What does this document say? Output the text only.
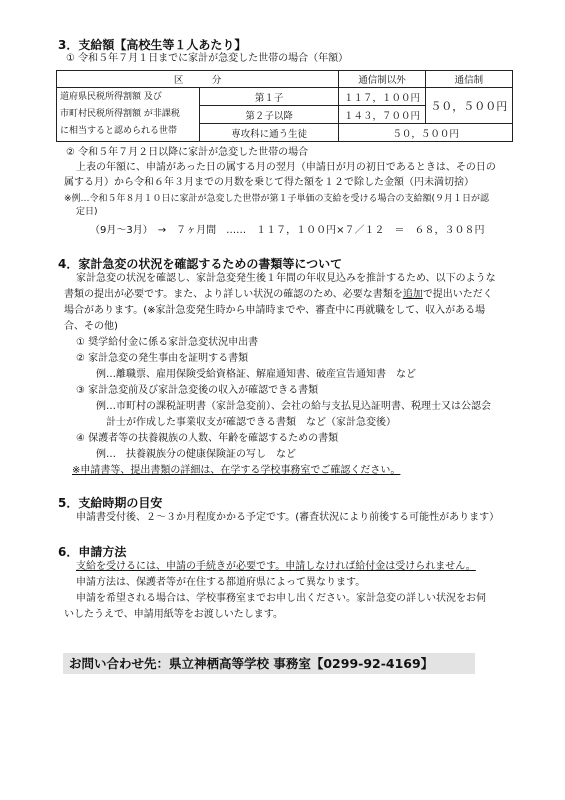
3．支給額【高校生等１人あたり】
① 令和５年７月１日までに家計が急変した世帯の場合（年額）
区　　　分		通信制以外	通信制

道府県民税所得割額 及び
市町村民税所得割額 が非課税
に相当すると認められる世帯	第１子	１１７，１００円	５０，５００円
	第２子以降	１４３，７００円	
	専攻科に通う生徒	５０，５００円	
② 令和５年７月２日以降に家計が急変した世帯の場合
上表の年額に、申請があった日の属する月の翌月（申請日が月の初日であるときは、その日の
属する月）から令和６年３月までの月数を乗じて得た額を１２で除した金額（円未満切捨）
※例…令和５年８月１０日に家計が急変した世帯が第１子単価の支給を受ける場合の支給額(９月１日が認
定日)
（9月～3月）　→　７ヶ月間　……　１１７，１００円×７／１２　＝　６８，３０８円
4．家計急変の状況を確認するための書類等について
家計急変の状況を確認し、家計急変発生後１年間の年収見込みを推計するため、以下のような
書類の提出が必要です。また、より詳しい状況の確認のため、必要な書類を追加で提出いただく
場合があります。(※家計急変発生時から申請時までや、審査中に再就職をして、収入がある場
合、その他)
① 奨学給付金に係る家計急変状況申出書
② 家計急変の発生事由を証明する書類
例…離職票、雇用保険受給資格証、解雇通知書、破産宣告通知書　など
③ 家計急変前及び家計急変後の収入が確認できる書類
例…市町村の課税証明書（家計急変前）、会社の給与支払見込証明書、税理士又は公認会
計士が作成した事業収支が確認できる書類　など（家計急変後）
④ 保護者等の扶養親族の人数、年齢を確認するための書類
例…　扶養親族分の健康保険証の写し　など
※申請書等、提出書類の詳細は、在学する学校事務室でご確認ください。
5．支給時期の目安
申請書受付後、２～３か月程度かかる予定です。(審査状況により前後する可能性があります）
6．申請方法
支給を受けるには、申請の手続きが必要です。申請しなければ給付金は受けられません。
申請方法は、保護者等が在住する都道府県によって異なります。
申請を希望される場合は、学校事務室までお申し出ください。家計急変の詳しい状況をお伺
いしたうえで、申請用紙等をお渡しいたします。
お問い合わせ先：県立神栖高等学校 事務室【0299-92-4169】
